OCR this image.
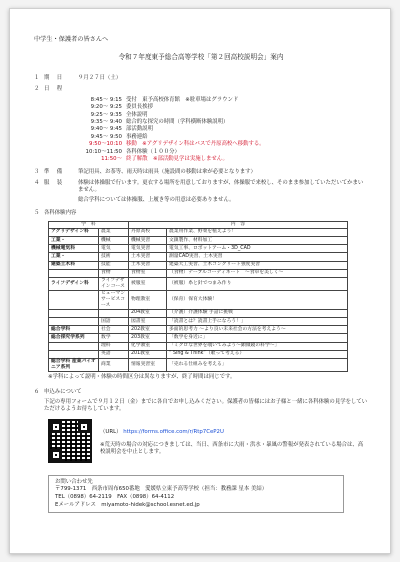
中学生・保護者の皆さんへ
令和７年度東予総合高等学校「第２回高校説明会」案内
１ 期　日	９月２７日（土）
２ 日　程
8:45～ 9:15 受付　東予高校体育館　※駐車場はグラウンド
9:20～ 9:25 委員長挨拶
9:25～ 9:35 全体説明
9:35～ 9:40 総合的な探究の時間（学科横断体験説明）
9:40～ 9:45 部活動説明
9:45～ 9:50 事務連絡
9:50～10:10 移動　※アグリデザイン科はバスで丹原高校へ移動する。
10:10～11:50 各科体験（１００分）
11:50～ 終了解散　※部活動見学は実施しません。
３ 準　備	筆記用具、お茶等、雨天時は雨具（施設間の移動は傘が必要となります）
４ 服　装	体験は体操服で行います。更衣する場所を用意しておりますが、体操服で来校し、そのまま参加していただいてかまいません。
総合学科については体操服、上履き等の用意は必要ありません。
５ 各科体験内容
学　科		内　容	
アグリデザイン科	農業	丹原高校	農業用作業、野菜を植えよう！
工業・	機械	機械実習	文鎮製作、材料加工
機械電気科	電気	電気実習	電気工事、ロボットアーム・3D_CAD
工業・	技術	土木実習	測量CAD実習、土木実習
建築土木科	技能	土木実習	建築大工実習、土木コンクリート強度実習
	食物	食物室	（食物）テーブルコーディネート　～食卓を美しく～
ライフデザイン科	ライフデザインコース	被服室	（被服）糸と針でつまみ作り
	ヒューマンサービスコース	物理教室	（保育）保育大体験！
		204教室	（介護）介護体験 手話に挑戦
	国語	図書室	「読書とは？読書上手になろう！」
総合学科	社会	202教室	多面的思考力 ～より良い未来社会の方法を考えよう～
総合探究学系列	数学	203教室	「数学を身近に」
	理科	化学教室	「ミクロな世界を覗いてみよう～顕微鏡の科学～」
	英語	201教室	“ Sing & Think”（歌って考える）
総合学科 産業パイオニア系列	商業	情報実習室	「売れる仕組みを考える」
※学科によって説明・体験の時間区分は異なりますが、終了時間は同じです。
６ 申込みについて
下記の専用フォームで９月１２日（金）までに各自でお申し込みください。保護者の皆様にはお子様と一緒に各科体験の見学をしていただけるようお待ちしています。
（URL） https://forms.office.com/r/Rtp7CeP2U
※荒天時の場合の対応につきましては、当日、西条市に大雨・洪水・暴風の警報が発表されている場合は、高校説明会を中止とします。
お問い合わせ先
〒799-1371　西条市周布650番地　愛媛県立東予高等学校（担当：教務課 星本 美結）
TEL（0898）64-2119　FAX（0898）64-4112
Eメールアドレス　miyamoto-hidek@school.esnet.ed.jp
